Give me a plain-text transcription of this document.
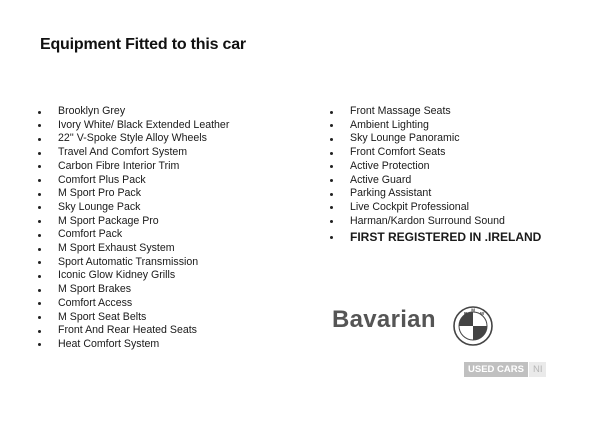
Equipment Fitted to this car
Brooklyn Grey
Ivory White/ Black Extended Leather
22'' V-Spoke Style Alloy Wheels
Travel And Comfort System
Carbon Fibre Interior Trim
Comfort Plus Pack
M Sport Pro Pack
Sky Lounge Pack
M Sport Package Pro
Comfort Pack
M Sport Exhaust System
Sport Automatic Transmission
Iconic Glow Kidney Grills
M Sport Brakes
Comfort Access
M Sport Seat Belts
Front And Rear Heated Seats
Heat Comfort System
Front Massage Seats
Ambient Lighting
Sky Lounge Panoramic
Front Comfort Seats
Active Protection
Active Guard
Parking Assistant
Live Cockpit Professional
Harman/Kardon Surround Sound
FIRST REGISTERED IN .IRELAND
Bavarian	B
M
W
USED CARS NI
